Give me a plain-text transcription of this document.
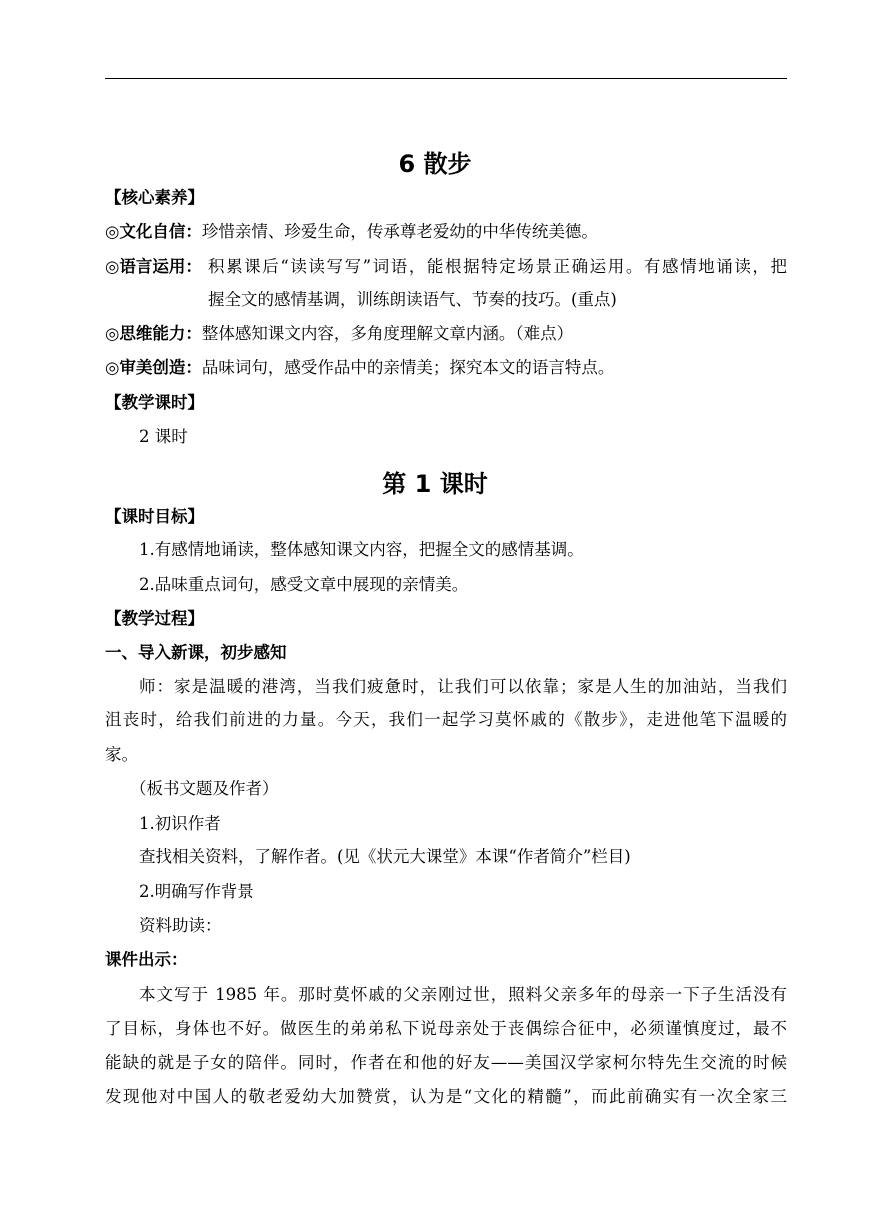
6 散步
【核心素养】
◎文化自信：珍惜亲情、珍爱生命，传承尊老爱幼的中华传统美德。
◎语言运用： 积累课后“读读写写”词语，能根据特定场景正确运用。有感情地诵读，把
握全文的感情基调，训练朗读语气、节奏的技巧。(重点)
◎思维能力：整体感知课文内容，多角度理解文章内涵。（难点）
◎审美创造：品味词句，感受作品中的亲情美；探究本文的语言特点。
【教学课时】
2 课时
第 1 课时
【课时目标】
1.有感情地诵读，整体感知课文内容，把握全文的感情基调。
2.品味重点词句，感受文章中展现的亲情美。
【教学过程】
一、导入新课，初步感知
师：家是温暖的港湾，当我们疲惫时，让我们可以依靠；家是人生的加油站，当我们
沮丧时，给我们前进的力量。今天，我们一起学习莫怀戚的《散步》，走进他笔下温暖的
家。
（板书文题及作者）
1.初识作者
查找相关资料，了解作者。(见《状元大课堂》本课“作者简介”栏目)
2.明确写作背景
资料助读：
课件出示：
本文写于 1985 年。那时莫怀戚的父亲刚过世，照料父亲多年的母亲一下子生活没有
了目标，身体也不好。做医生的弟弟私下说母亲处于丧偶综合征中，必须谨慎度过，最不
能缺的就是子女的陪伴。同时，作者在和他的好友——美国汉学家柯尔特先生交流的时候
发现他对中国人的敬老爱幼大加赞赏，认为是“文化的精髓”，而此前确实有一次全家三
